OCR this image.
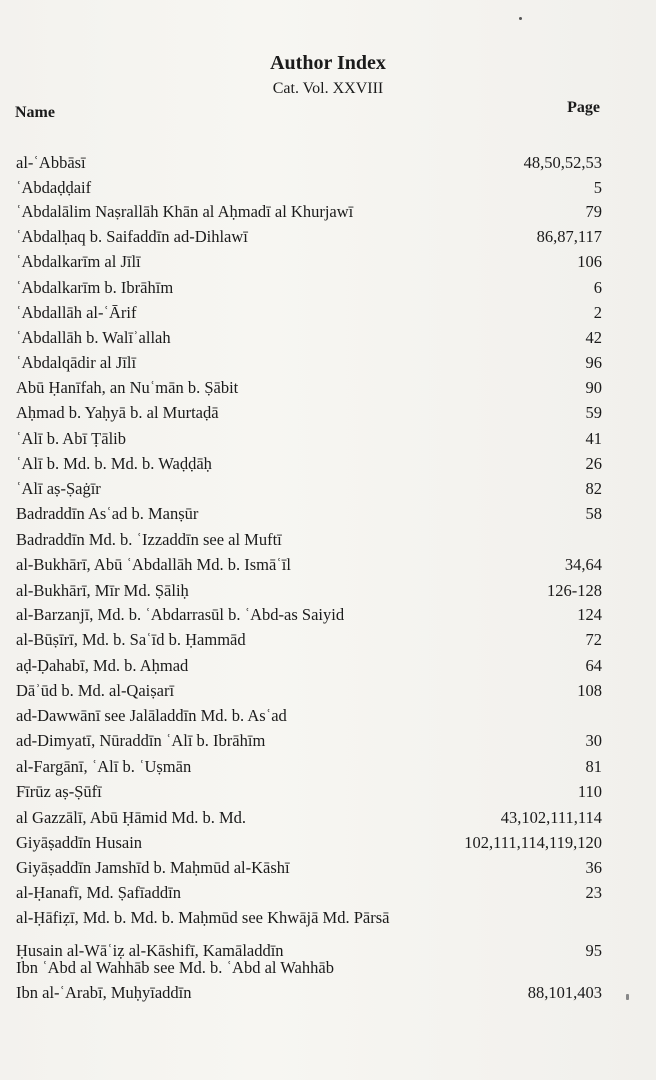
Author Index
Cat. Vol. XXVIII
Name	Page
al-ʿAbbāsī	48,50,52,53
ʿAbdaḍḍaif	5
ʿAbdalālim Naṣrallāh Khān al Aḥmadī al Khurjawī	79
ʿAbdalḥaq b. Saifaddīn ad-Dihlawī	86,87,117
ʿAbdalkarīm al Jīlī	106
ʿAbdalkarīm b. Ibrāhīm	6
ʿAbdallāh al-ʿĀrif	2
ʿAbdallāh b. Walīʾallah	42
ʿAbdalqādir al Jīlī	96
Abū Ḥanīfah, an Nuʿmān b. Ṣābit	90
Aḥmad b. Yaḥyā b. al Murtaḍā	59
ʿAlī b. Abī Ṭālib	41
ʿAlī b. Md. b. Md. b. Waḍḍāḥ	26
ʿAlī aṣ-Ṣaġīr	82
Badraddīn Asʿad b. Manṣūr	58
Badraddīn Md. b. ʿIzzaddīn see al Muftī
al-Bukhārī, Abū ʿAbdallāh Md. b. Ismāʿīl	34,64
al-Bukhārī, Mīr Md. Ṣāliḥ	126-128
al-Barzanjī, Md. b. ʿAbdarrasūl b. ʿAbd-as Saiyid	124
al-Būṣīrī, Md. b. Saʿīd b. Ḥammād	72
aḍ-Ḍahabī, Md. b. Aḥmad	64
Dāʾūd b. Md. al-Qaiṣarī	108
ad-Dawwānī see Jalāladdīn Md. b. Asʿad
ad-Dimyatī, Nūraddīn ʿAlī b. Ibrāhīm	30
al-Fargānī, ʿAlī b. ʿUṣmān	81
Fīrūz aṣ-Ṣūfī	110
al Gazzālī, Abū Ḥāmid Md. b. Md.	43,102,111,114
Giyāṣaddīn Husain	102,111,114,119,120
Giyāṣaddīn Jamshīd b. Maḥmūd al-Kāshī	36
al-Ḥanafī, Md. Ṣafīaddīn	23
al-Ḥāfiẓī, Md. b. Md. b. Maḥmūd see Khwājā Md. Pārsā
Ḥusain al-Wāʿiẓ al-Kāshifī, Kamāladdīn	95
Ibn ʿAbd al Wahhāb see Md. b. ʿAbd al Wahhāb
Ibn al-ʿArabī, Muḥyīaddīn	88,101,403
